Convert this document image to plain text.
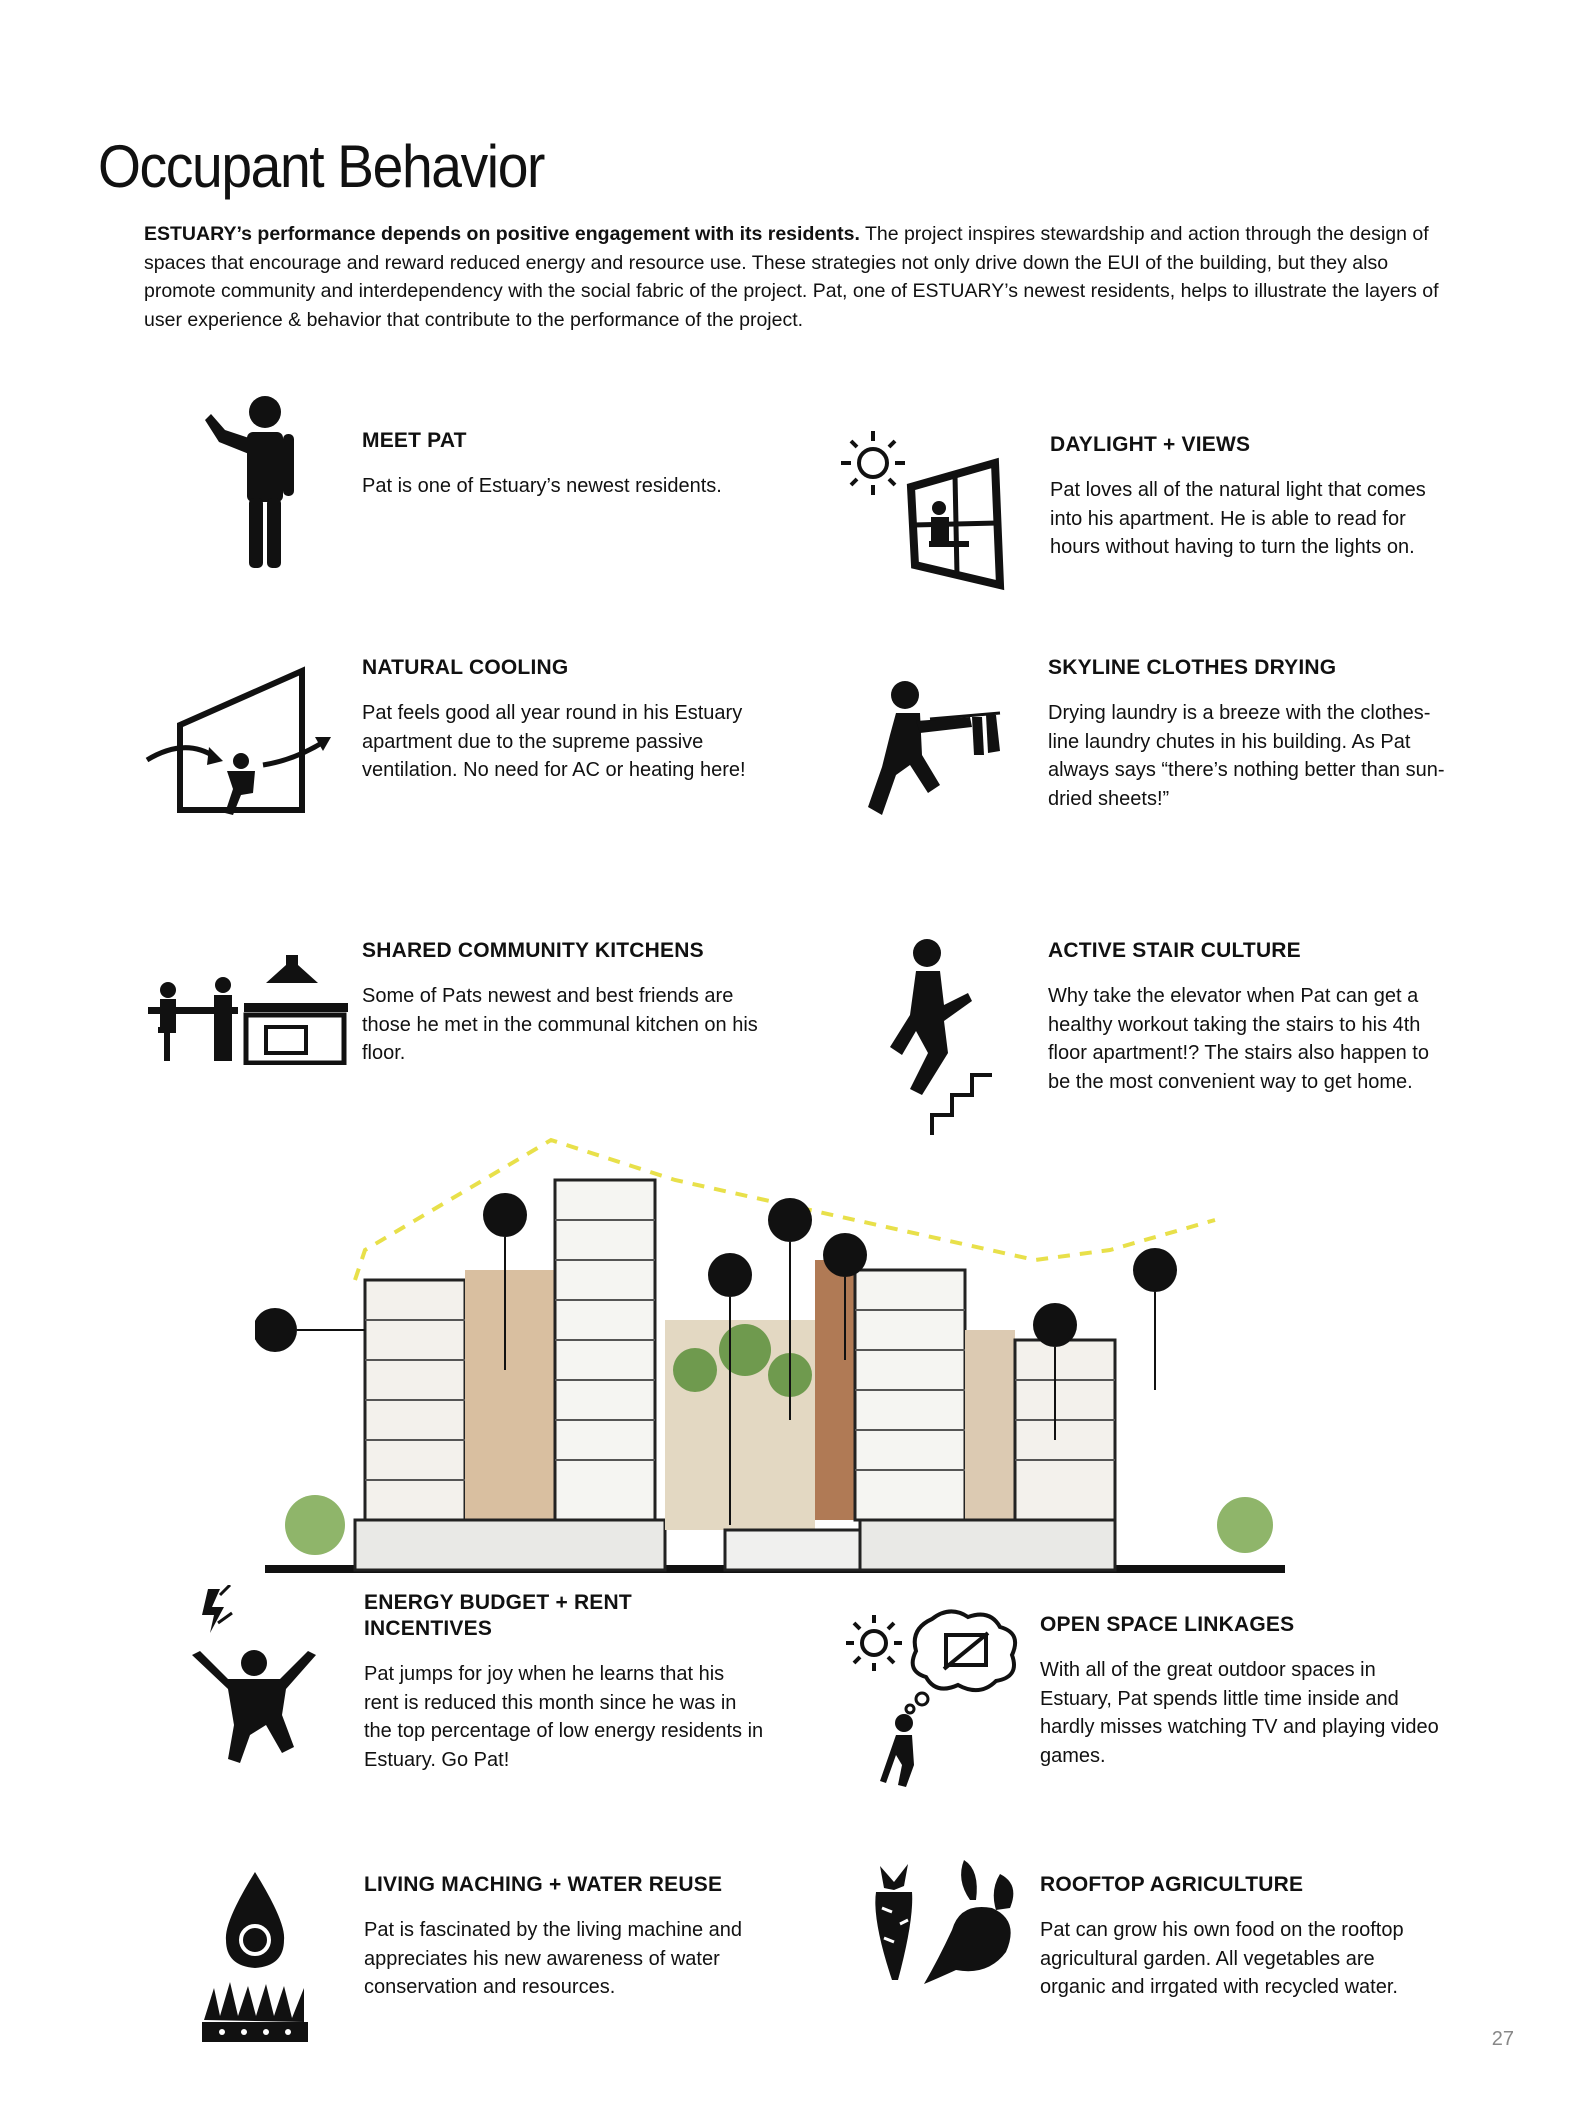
Occupant Behavior
ESTUARY’s performance depends on positive engagement with its residents. The project inspires stewardship and action through the design of spaces that encourage and reward reduced energy and resource use. These strategies not only drive down the EUI of the building, but they also promote community and interdependency with the social fabric of the project. Pat, one of ESTUARY’s newest residents, helps to illustrate the layers of user experience & behavior that contribute to the performance of the project.
MEET PAT

Pat is one of Estuary’s newest residents.

DAYLIGHT + VIEWS

Pat loves all of the natural light that comes into his apartment. He is able to read for hours without having to turn the lights on.

NATURAL COOLING

Pat feels good all year round in his Estuary apartment due to the supreme passive ventilation. No need for AC or heating here!

SKYLINE CLOTHES DRYING

Drying laundry is a breeze with the clothes-line laundry chutes in his building. As Pat always says “there’s nothing better than sun-dried sheets!”

SHARED COMMUNITY KITCHENS

Some of Pats newest and best friends are those he met in the communal kitchen on his floor.

ACTIVE STAIR CULTURE

Why take the elevator when Pat can get a healthy workout taking the stairs to his 4th floor apartment!? The stairs also happen to be the most convenient way to get home.

ENERGY BUDGET + RENT INCENTIVES

Pat jumps for joy when he learns that his rent is reduced this month since he was in the top percentage of low energy residents in Estuary. Go Pat!

OPEN SPACE LINKAGES

With all of the great outdoor spaces in Estuary, Pat spends little time inside and hardly misses watching TV and playing video games.

LIVING MACHING + WATER REUSE

Pat is fascinated by the living machine and appreciates his new awareness of water conservation and resources.

ROOFTOP AGRICULTURE

Pat can grow his own food on the rooftop agricultural garden. All vegetables are organic and irrgated with recycled water.

27
